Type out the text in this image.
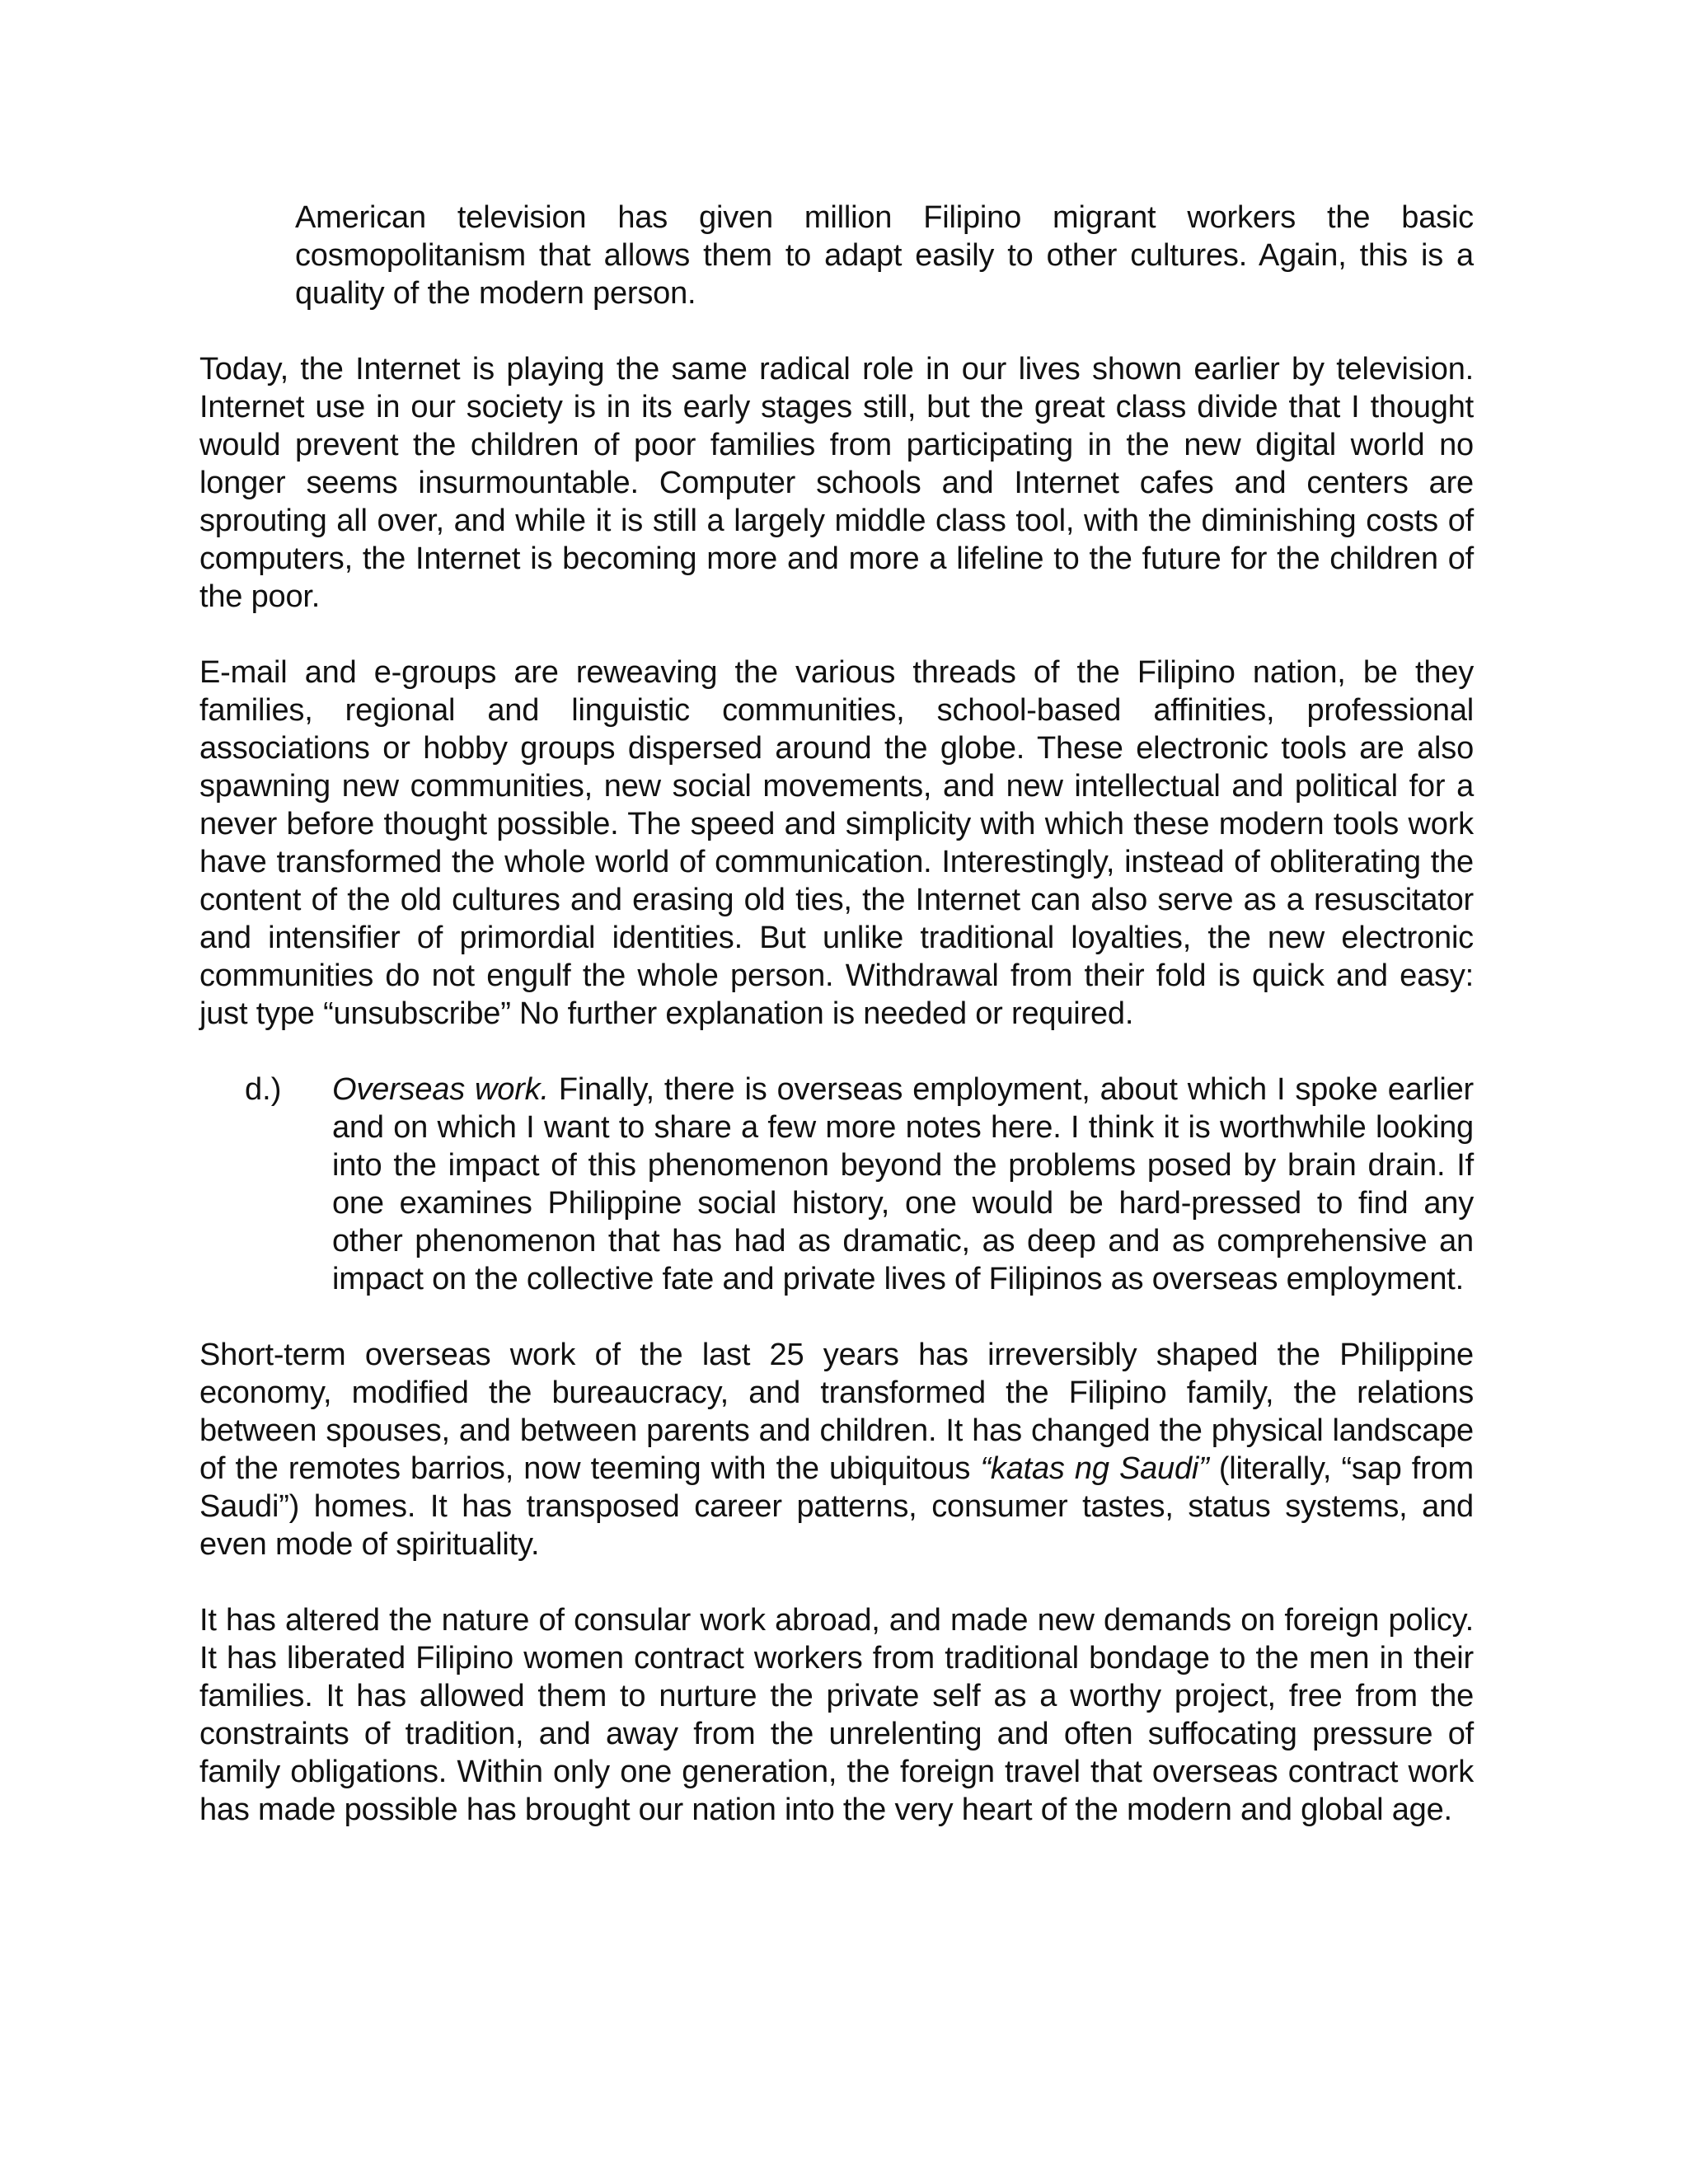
American television has given million Filipino migrant workers the basic cosmopolitanism that allows them to adapt easily to other cultures. Again, this is a quality of the modern person.

Today, the Internet is playing the same radical role in our lives shown earlier by television. Internet use in our society is in its early stages still, but the great class divide that I thought would prevent the children of poor families from participating in the new digital world no longer seems insurmountable. Computer schools and Internet cafes and centers are sprouting all over, and while it is still a largely middle class tool, with the diminishing costs of computers, the Internet is becoming more and more a lifeline to the future for the children of the poor.

E-mail and e-groups are reweaving the various threads of the Filipino nation, be they families, regional and linguistic communities, school-based affinities, professional associations or hobby groups dispersed around the globe. These electronic tools are also spawning new communities, new social movements, and new intellectual and political for a never before thought possible. The speed and simplicity with which these modern tools work have transformed the whole world of communication. Interestingly, instead of obliterating the content of the old cultures and erasing old ties, the Internet can also serve as a resuscitator and intensifier of primordial identities. But unlike traditional loyalties, the new electronic communities do not engulf the whole person. Withdrawal from their fold is quick and easy: just type “unsubscribe” No further explanation is needed or required.

d.)	Overseas work. Finally, there is overseas employment, about which I spoke earlier and on which I want to share a few more notes here. I think it is worthwhile looking into the impact of this phenomenon beyond the problems posed by brain drain. If one examines Philippine social history, one would be hard-pressed to find any other phenomenon that has had as dramatic, as deep and as comprehensive an impact on the collective fate and private lives of Filipinos as overseas employment.

Short-term overseas work of the last 25 years has irreversibly shaped the Philippine economy, modified the bureaucracy, and transformed the Filipino family, the relations between spouses, and between parents and children. It has changed the physical landscape of the remotes barrios, now teeming with the ubiquitous “katas ng Saudi” (literally, “sap from Saudi”) homes. It has transposed career patterns, consumer tastes, status systems, and even mode of spirituality.

It has altered the nature of consular work abroad, and made new demands on foreign policy. It has liberated Filipino women contract workers from traditional bondage to the men in their families. It has allowed them to nurture the private self as a worthy project, free from the constraints of tradition, and away from the unrelenting and often suffocating pressure of family obligations. Within only one generation, the foreign travel that overseas contract work has made possible has brought our nation into the very heart of the modern and global age.
